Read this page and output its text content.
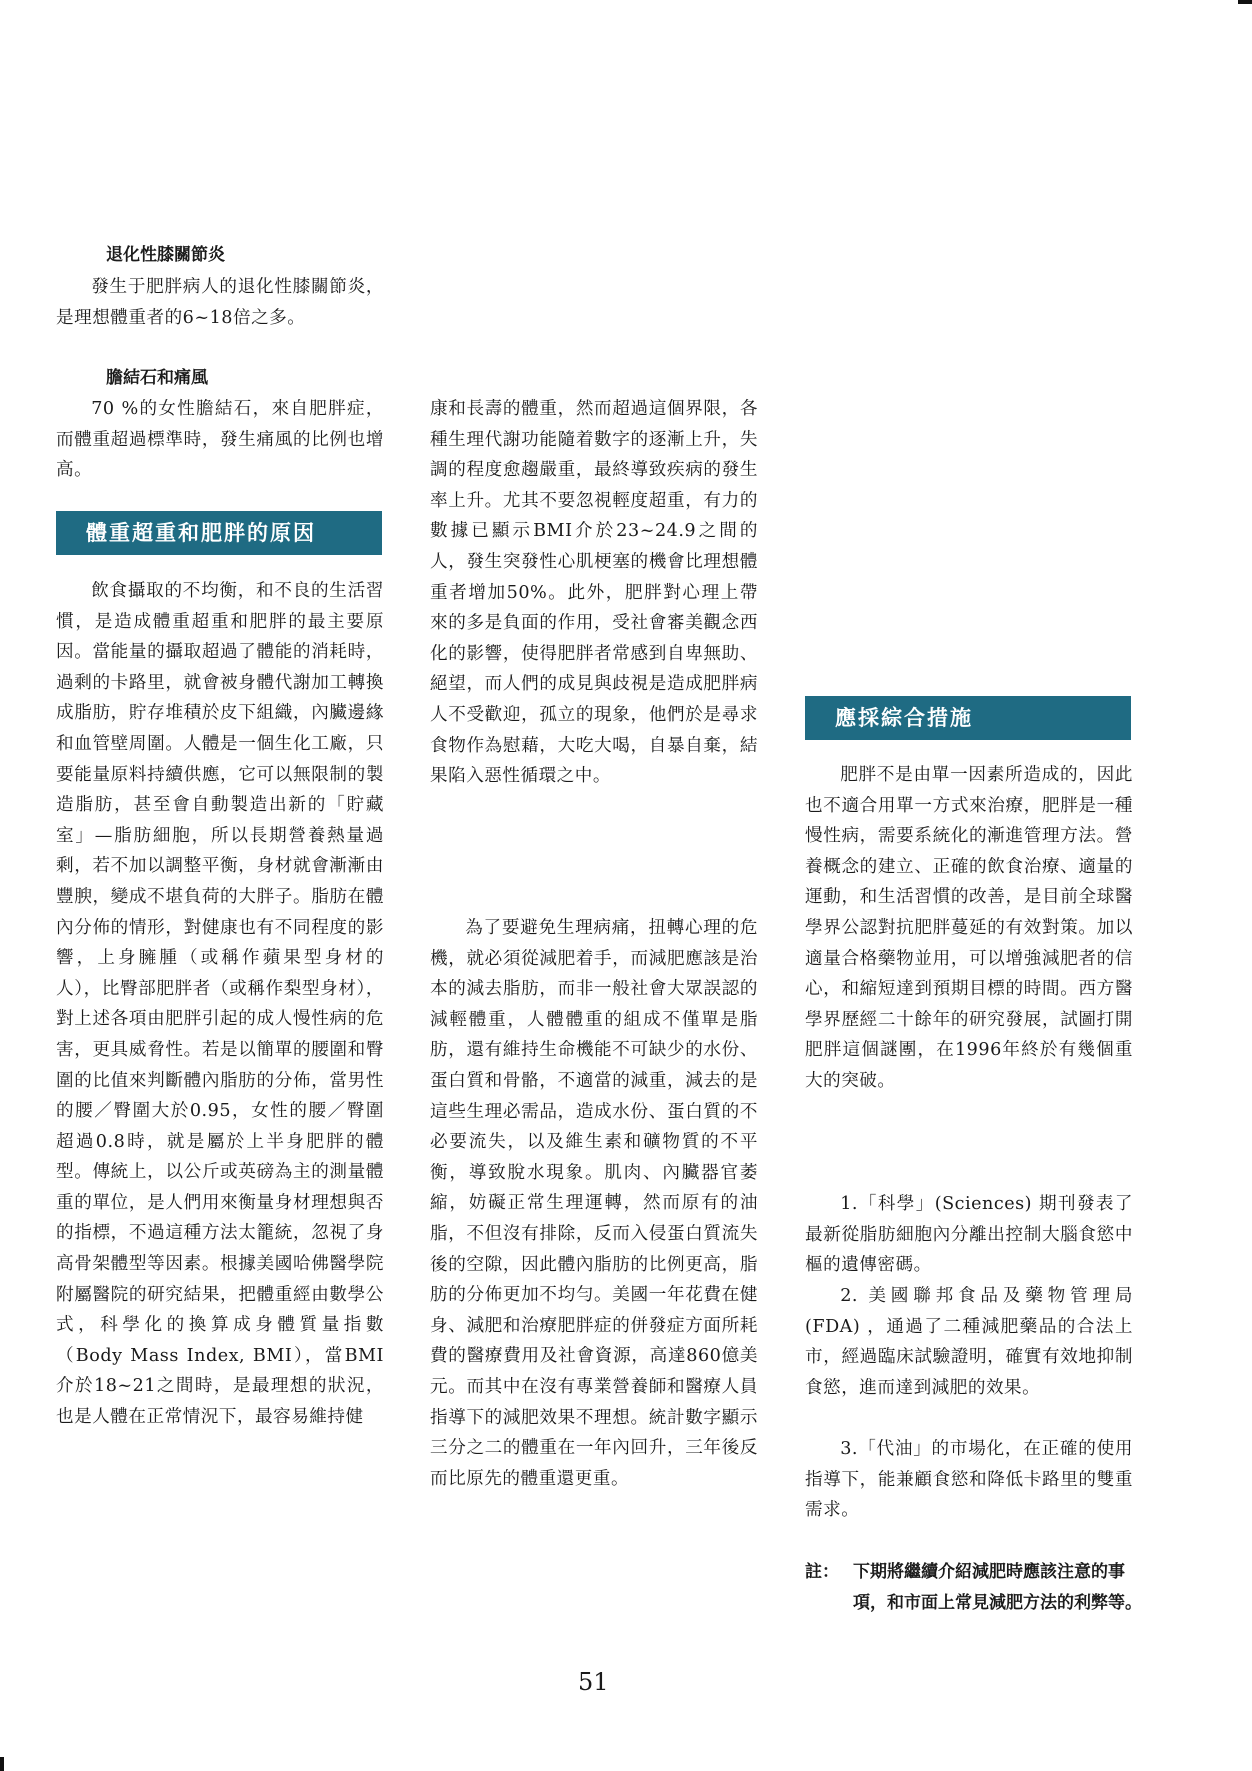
退化性膝關節炎

發生于肥胖病人的退化性膝關節炎，是理想體重者的6~18倍之多。

膽結石和痛風

70 %的女性膽結石，來自肥胖症，而體重超過標準時，發生痛風的比例也增高。

體重超重和肥胖的原因

飲食攝取的不均衡，和不良的生活習慣，是造成體重超重和肥胖的最主要原因。當能量的攝取超過了體能的消耗時，過剩的卡路里，就會被身體代謝加工轉換成脂肪，貯存堆積於皮下組織，內臟邊緣和血管壁周圍。人體是一個生化工廠，只要能量原料持續供應，它可以無限制的製造脂肪，甚至會自動製造出新的「貯藏室」—脂肪細胞，所以長期營養熱量過剩，若不加以調整平衡，身材就會漸漸由豐腴，變成不堪負荷的大胖子。脂肪在體內分佈的情形，對健康也有不同程度的影響，上身臃腫（或稱作蘋果型身材的人），比臀部肥胖者（或稱作梨型身材），對上述各項由肥胖引起的成人慢性病的危害，更具威脅性。若是以簡單的腰圍和臀圍的比值來判斷體內脂肪的分佈，當男性的腰／臀圍大於0.95，女性的腰／臀圍超過0.8時，就是屬於上半身肥胖的體型。傳統上，以公斤或英磅為主的測量體重的單位，是人們用來衡量身材理想與否的指標，不過這種方法太籠統，忽視了身高骨架體型等因素。根據美國哈佛醫學院附屬醫院的研究結果，把體重經由數學公式，科學化的換算成身體質量指數（Body Mass Index, BMI），當BMI介於18~21之間時，是最理想的狀況，也是人體在正常情況下，最容易維持健

康和長壽的體重，然而超過這個界限，各種生理代謝功能隨着數字的逐漸上升，失調的程度愈趨嚴重，最終導致疾病的發生率上升。尤其不要忽視輕度超重，有力的數據已顯示BMI介於23~24.9之間的人，發生突發性心肌梗塞的機會比理想體重者增加50%。此外，肥胖對心理上帶來的多是負面的作用，受社會審美觀念西化的影響，使得肥胖者常感到自卑無助、絕望，而人們的成見與歧視是造成肥胖病人不受歡迎，孤立的現象，他們於是尋求食物作為慰藉，大吃大喝，自暴自棄，結果陷入惡性循環之中。

為了要避免生理病痛，扭轉心理的危機，就必須從減肥着手，而減肥應該是治本的減去脂肪，而非一般社會大眾誤認的減輕體重，人體體重的組成不僅單是脂肪，還有維持生命機能不可缺少的水份、蛋白質和骨骼，不適當的減重，減去的是這些生理必需品，造成水份、蛋白質的不必要流失，以及維生素和礦物質的不平衡，導致脫水現象。肌肉、內臟器官萎縮，妨礙正常生理運轉，然而原有的油脂，不但沒有排除，反而入侵蛋白質流失後的空隙，因此體內脂肪的比例更高，脂肪的分佈更加不均勻。美國一年花費在健身、減肥和治療肥胖症的併發症方面所耗費的醫療費用及社會資源，高達860億美元。而其中在沒有專業營養師和醫療人員指導下的減肥效果不理想。統計數字顯示三分之二的體重在一年內回升，三年後反而比原先的體重還更重。

應採綜合措施

肥胖不是由單一因素所造成的，因此也不適合用單一方式來治療，肥胖是一種慢性病，需要系統化的漸進管理方法。營養概念的建立、正確的飲食治療、適量的運動，和生活習慣的改善，是目前全球醫學界公認對抗肥胖蔓延的有效對策。加以適量合格藥物並用，可以增強減肥者的信心，和縮短達到預期目標的時間。西方醫學界歷經二十餘年的研究發展，試圖打開肥胖這個謎團，在1996年終於有幾個重大的突破。

1.「科學」(Sciences) 期刊發表了最新從脂肪細胞內分離出控制大腦食慾中樞的遺傳密碼。

2. 美國聯邦食品及藥物管理局 (FDA) ，通過了二種減肥藥品的合法上市，經過臨床試驗證明，確實有效地抑制食慾，進而達到減肥的效果。

3.「代油」的市場化，在正確的使用指導下，能兼顧食慾和降低卡路里的雙重需求。

註： 下期將繼續介紹減肥時應該注意的事項，和市面上常見減肥方法的利弊等。
51
